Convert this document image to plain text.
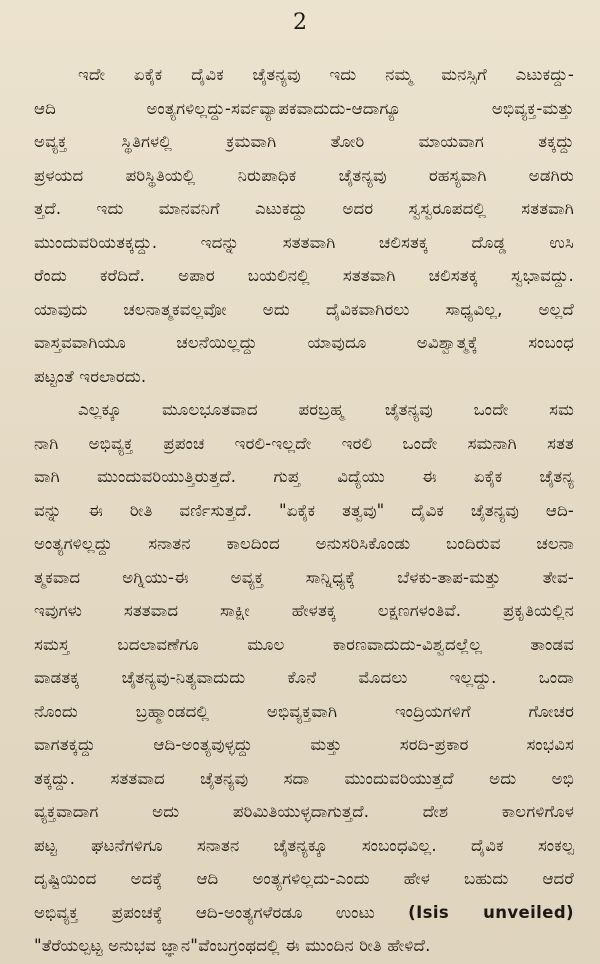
2
ಇದೇ ಏಕೈಕ ದೈವಿಕ ಚೈತನ್ಯವು ಇದು ನಮ್ಮ ಮನಸ್ಸಿಗೆ ಎಟುಕದ್ದು-
ಆದಿ ಅಂತ್ಯಗಳಿಲ್ಲದ್ದು-ಸರ್ವವ್ಯಾಪಕವಾದುದು-ಆದಾಗ್ಯೂ ಅಭಿವ್ಯಕ್ತ-ಮತ್ತು
ಅವ್ಯಕ್ತ ಸ್ಥಿತಿಗಳಲ್ಲಿ ಕ್ರಮವಾಗಿ ತೋರಿ ಮಾಯವಾಗ ತಕ್ಕದ್ದು
ಪ್ರಳಯದ ಪರಿಸ್ಥಿತಿಯಲ್ಲಿ ನಿರುಪಾಧಿಕ ಚೈತನ್ಯವು ರಹಸ್ಯವಾಗಿ ಅಡಗಿರು
ತ್ತದೆ. ಇದು ಮಾನವನಿಗೆ ಎಟುಕದ್ದು ಅದರ ಸ್ವಸ್ವರೂಪದಲ್ಲಿ ಸತತವಾಗಿ
ಮುಂದುವರಿಯತಕ್ಕದ್ದು. ಇದನ್ನು ಸತತವಾಗಿ ಚಲಿಸತಕ್ಕ ದೊಡ್ಡ ಉಸಿ
ರೆಂದು ಕರೆದಿದೆ. ಅಪಾರ ಬಯಲಿನಲ್ಲಿ ಸತತವಾಗಿ ಚಲಿಸತಕ್ಕ ಸ್ವಭಾವದ್ದು.
ಯಾವುದು ಚಲನಾತ್ಮಕವಲ್ಲವೋ ಅದು ದೈವಿಕವಾಗಿರಲು ಸಾಧ್ಯವಿಲ್ಲ, ಅಲ್ಲದೆ
ವಾಸ್ತವವಾಗಿಯೂ ಚಲನೆಯಿಲ್ಲದ್ದು ಯಾವುದೂ ಅವಿಶ್ವಾತ್ಮಕ್ಕೆ ಸಂಬಂಧ
ಪಟ್ಟಂತೆ ಇರಲಾರದು.
ಎಲ್ಲಕ್ಕೂ ಮೂಲಭೂತವಾದ ಪರಬ್ರಹ್ಮ ಚೈತನ್ಯವು ಒಂದೇ ಸಮ
ನಾಗಿ ಅಭಿವ್ಯಕ್ತ ಪ್ರಪಂಚ ಇರಲಿ-ಇಲ್ಲದೇ ಇರಲಿ ಒಂದೇ ಸಮನಾಗಿ ಸತತ
ವಾಗಿ ಮುಂದುವರಿಯುತ್ತಿರುತ್ತದೆ. ಗುಪ್ತ ವಿದ್ಯೆಯು ಈ ಏಕೈಕ ಚೈತನ್ಯ
ವನ್ನು ಈ ರೀತಿ ವರ್ಣಿಸುತ್ತದೆ. "ಏಕೈಕ ತತ್ವವು" ದೈವಿಕ ಚೈತನ್ಯವು ಆದಿ-
ಅಂತ್ಯಗಳಿಲ್ಲದ್ದು ಸನಾತನ ಕಾಲದಿಂದ ಅನುಸರಿಸಿಕೊಂಡು ಬಂದಿರುವ ಚಲನಾ
ತ್ಮಕವಾದ ಅಗ್ನಿಯು-ಈ ಅವ್ಯಕ್ತ ಸಾನ್ನಿಧ್ಯಕ್ಕೆ ಬೆಳಕು-ತಾಪ-ಮತ್ತು ತೇವ-
ಇವುಗಳು ಸತತವಾದ ಸಾಕ್ಷೀ ಹೇಳತಕ್ಕ ಲಕ್ಷಣಗಳಂತಿವೆ. ಪ್ರಕೃತಿಯಲ್ಲಿನ
ಸಮಸ್ತ ಬದಲಾವಣೆಗೂ ಮೂಲ ಕಾರಣವಾದುದು-ವಿಶ್ವದಲ್ಲೆಲ್ಲ ತಾಂಡವ
ವಾಡತಕ್ಕ ಚೈತನ್ಯವು-ನಿತ್ಯವಾದುದು ಕೊನೆ ಮೊದಲು ಇಲ್ಲದ್ದು. ಒಂದಾ
ನೊಂದು ಬ್ರಹ್ಮಾಂಡದಲ್ಲಿ ಅಭಿವ್ಯಕ್ತವಾಗಿ ಇಂದ್ರಿಯಗಳಿಗೆ ಗೋಚರ
ವಾಗತಕ್ಕದ್ದು ಆದಿ-ಅಂತ್ಯವುಳ್ಳದ್ದು ಮತ್ತು ಸರದಿ-ಪ್ರಕಾರ ಸಂಭವಿಸ
ತಕ್ಕದ್ದು. ಸತತವಾದ ಚೈತನ್ಯವು ಸದಾ ಮುಂದುವರಿಯುತ್ತದೆ ಅದು ಅಭಿ
ವ್ಯಕ್ತವಾದಾಗ ಅದು ಪರಿಮಿತಿಯುಳ್ಳದಾಗುತ್ತದೆ. ದೇಶ ಕಾಲಗಳಿಗೊಳ
ಪಟ್ಟ ಘಟನೆಗಳಿಗೂ ಸನಾತನ ಚೈತನ್ಯಕ್ಕೂ ಸಂಬಂಧವಿಲ್ಲ. ದೈವಿಕ ಸಂಕಲ್ಪ
ದೃಷ್ಟಿಯಿಂದ ಅದಕ್ಕೆ ಆದಿ ಅಂತ್ಯಗಳಿಲ್ಲದು-ಎಂದು ಹೇಳ ಬಹುದು ಆದರೆ
ಅಭಿವ್ಯಕ್ತ ಪ್ರಪಂಚಕ್ಕೆ ಆದಿ-ಅಂತ್ಯಗಳೆರಡೂ ಉಂಟು (Isis unveiled)
"ತೆರೆಯಲ್ಪಟ್ಟ ಅನುಭವ ಜ್ಞಾನ"ವೆಂಬಗ್ರಂಥದಲ್ಲಿ ಈ ಮುಂದಿನ ರೀತಿ ಹೇಳಿದೆ.
